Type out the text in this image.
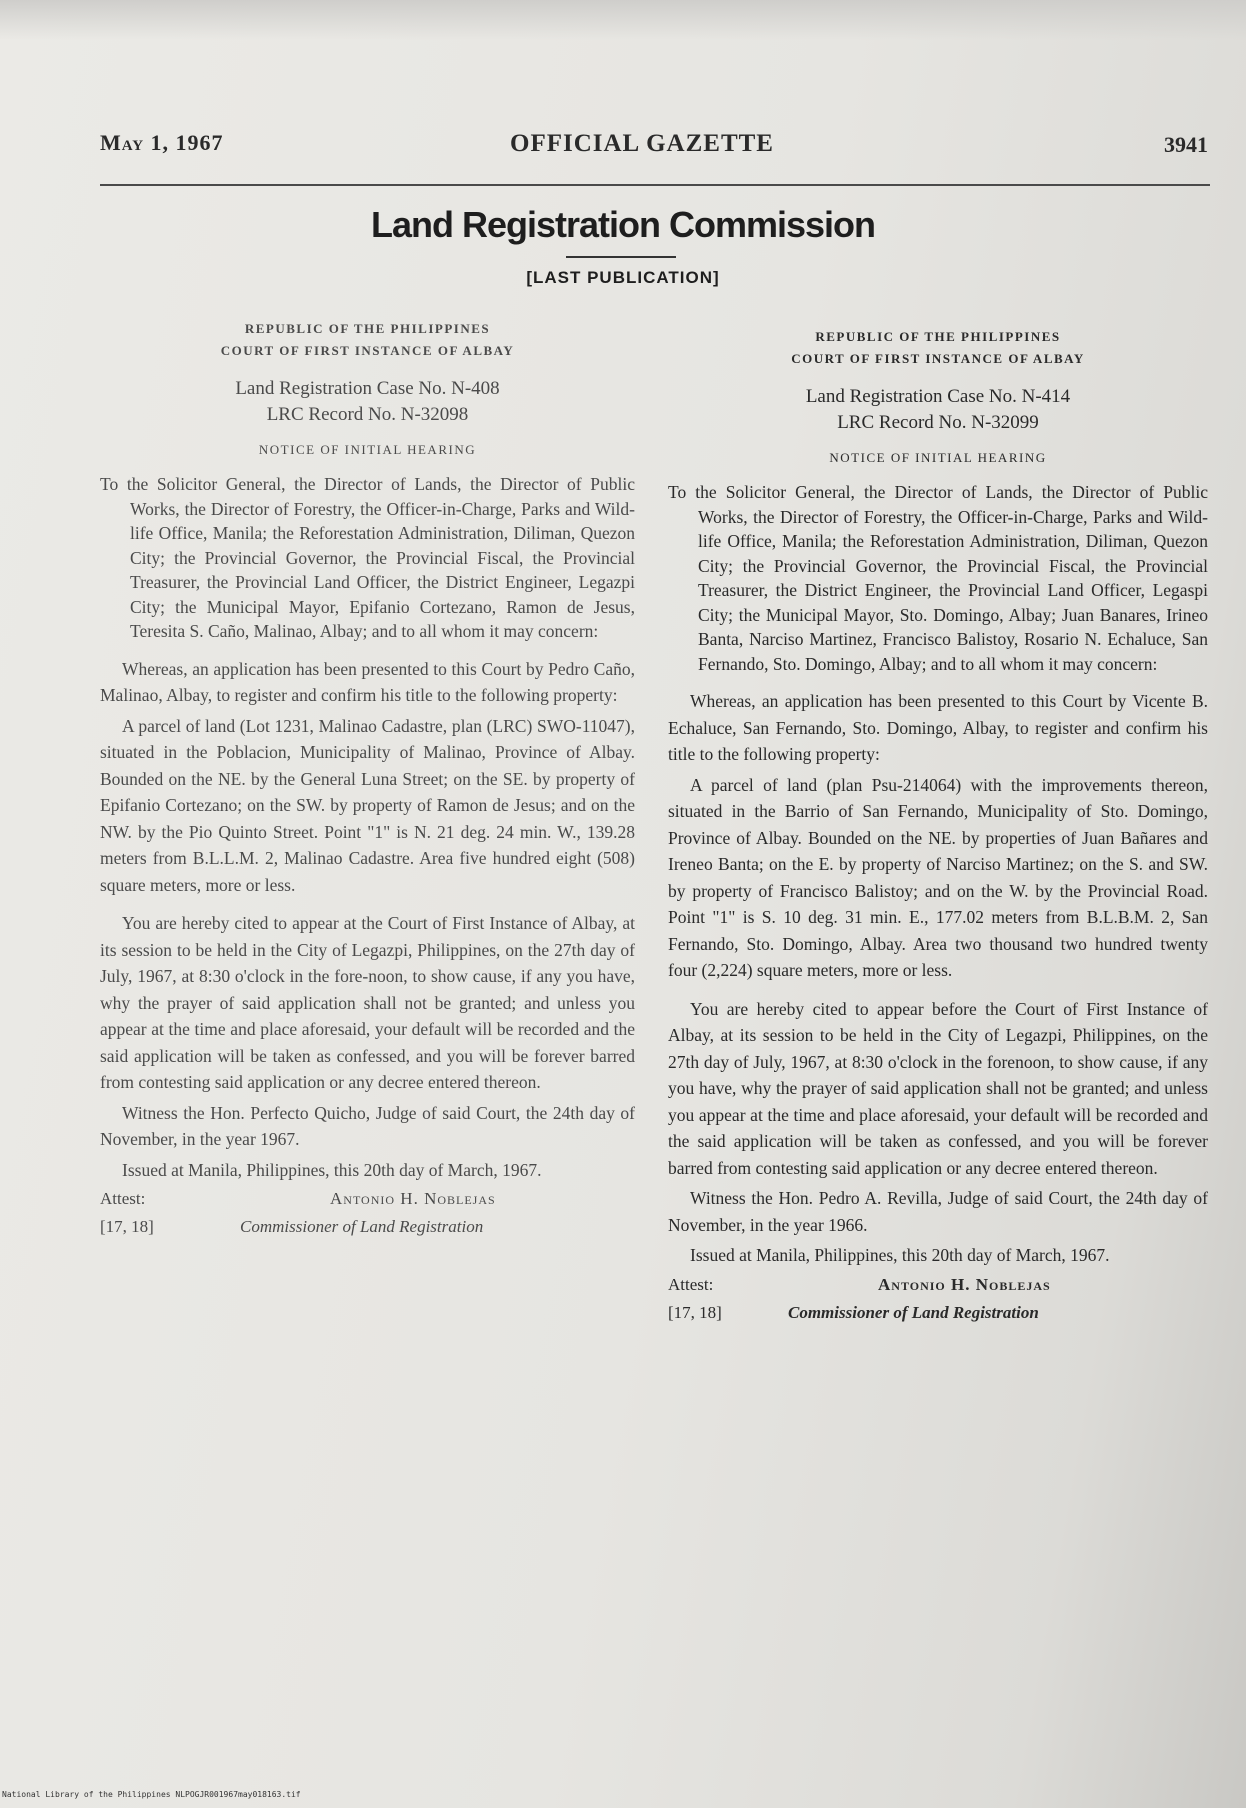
May 1, 1967	OFFICIAL GAZETTE	3941
Land Registration Commission
[LAST PUBLICATION]

REPUBLIC OF THE PHILIPPINES

COURT OF FIRST INSTANCE OF ALBAY

Land Registration Case No. N-408

LRC Record No. N-32098

NOTICE OF INITIAL HEARING

To the Solicitor General, the Director of Lands, the Director of Public Works, the Director of Forestry, the Officer-in-Charge, Parks and Wild-life Office, Manila; the Reforestation Administration, Diliman, Quezon City; the Provincial Governor, the Provincial Fiscal, the Provincial Treasurer, the Provincial Land Officer, the District Engineer, Legazpi City; the Municipal Mayor, Epifanio Cortezano, Ramon de Jesus, Teresita S. Caño, Malinao, Albay; and to all whom it may concern:

Whereas, an application has been presented to this Court by Pedro Caño, Malinao, Albay, to register and confirm his title to the following property:

A parcel of land (Lot 1231, Malinao Cadastre, plan (LRC) SWO-11047), situated in the Poblacion, Municipality of Malinao, Province of Albay. Bounded on the NE. by the General Luna Street; on the SE. by property of Epifanio Cortezano; on the SW. by property of Ramon de Jesus; and on the NW. by the Pio Quinto Street. Point "1" is N. 21 deg. 24 min. W., 139.28 meters from B.L.L.M. 2, Malinao Cadastre. Area five hundred eight (508) square meters, more or less.

You are hereby cited to appear at the Court of First Instance of Albay, at its session to be held in the City of Legazpi, Philippines, on the 27th day of July, 1967, at 8:30 o'clock in the fore-noon, to show cause, if any you have, why the prayer of said application shall not be granted; and unless you appear at the time and place aforesaid, your default will be recorded and the said application will be taken as confessed, and you will be forever barred from contesting said application or any decree entered thereon.

Witness the Hon. Perfecto Quicho, Judge of said Court, the 24th day of November, in the year 1967.

Issued at Manila, Philippines, this 20th day of March, 1967.

Attest:
[17, 18]
Antonio H. Noblejas
Commissioner of Land Registration

REPUBLIC OF THE PHILIPPINES

COURT OF FIRST INSTANCE OF ALBAY

Land Registration Case No. N-414

LRC Record No. N-32099

NOTICE OF INITIAL HEARING

To the Solicitor General, the Director of Lands, the Director of Public Works, the Director of Forestry, the Officer-in-Charge, Parks and Wild-life Office, Manila; the Reforestation Administration, Diliman, Quezon City; the Provincial Governor, the Provincial Fiscal, the Provincial Treasurer, the District Engineer, the Provincial Land Officer, Legaspi City; the Municipal Mayor, Sto. Domingo, Albay; Juan Banares, Irineo Banta, Narciso Martinez, Francisco Balistoy, Rosario N. Echaluce, San Fernando, Sto. Domingo, Albay; and to all whom it may concern:

Whereas, an application has been presented to this Court by Vicente B. Echaluce, San Fernando, Sto. Domingo, Albay, to register and confirm his title to the following property:

A parcel of land (plan Psu-214064) with the improvements thereon, situated in the Barrio of San Fernando, Municipality of Sto. Domingo, Province of Albay. Bounded on the NE. by properties of Juan Bañares and Ireneo Banta; on the E. by property of Narciso Martinez; on the S. and SW. by property of Francisco Balistoy; and on the W. by the Provincial Road. Point "1" is S. 10 deg. 31 min. E., 177.02 meters from B.L.B.M. 2, San Fernando, Sto. Domingo, Albay. Area two thousand two hundred twenty four (2,224) square meters, more or less.

You are hereby cited to appear before the Court of First Instance of Albay, at its session to be held in the City of Legazpi, Philippines, on the 27th day of July, 1967, at 8:30 o'clock in the forenoon, to show cause, if any you have, why the prayer of said application shall not be granted; and unless you appear at the time and place aforesaid, your default will be recorded and the said application will be taken as confessed, and you will be forever barred from contesting said application or any decree entered thereon.

Witness the Hon. Pedro A. Revilla, Judge of said Court, the 24th day of November, in the year 1966.

Issued at Manila, Philippines, this 20th day of March, 1967.

Attest:
[17, 18]
Antonio H. Noblejas
Commissioner of Land Registration
National Library of the Philippines NLPOGJR001967may018163.tif
